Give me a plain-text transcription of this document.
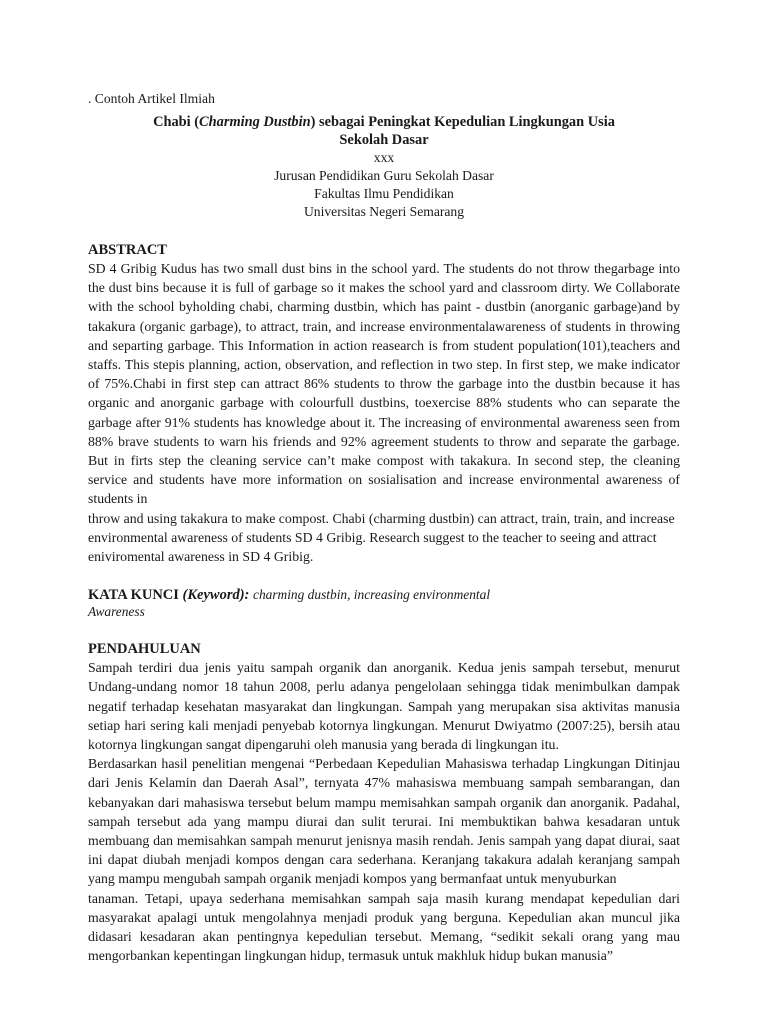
. Contoh Artikel Ilmiah
Chabi (Charming Dustbin) sebagai Peningkat Kepedulian Lingkungan Usia
Sekolah Dasar
xxx
Jurusan Pendidikan Guru Sekolah Dasar
Fakultas Ilmu Pendidikan
Universitas Negeri Semarang
ABSTRACT

SD 4 Gribig Kudus has two small dust bins in the school yard. The students do not throw thegarbage into the dust bins because it is full of garbage so it makes the school yard and classroom dirty. We Collaborate with the school byholding chabi, charming dustbin, which has paint - dustbin (anorganic garbage)and by takakura (organic garbage), to attract, train, and increase environmentalawareness of students in throwing and separting garbage. This Information in action reasearch is from student population(101),teachers and staffs. This stepis planning, action, observation, and reflection in two step. In first step, we make indicator of 75%.Chabi in first step can attract 86% students to throw the garbage into the dustbin because it has organic and anorganic garbage with colourfull dustbins, toexercise 88% students who can separate the garbage after 91% students has knowledge about it. The increasing of environmental awareness seen from 88% brave students to warn his friends and 92% agreement students to throw and separate the garbage. But in firts step the cleaning service can’t make compost with takakura. In second step, the cleaning service and students have more information on sosialisation and increase environmental awareness of students in

throw and using takakura to make compost. Chabi (charming dustbin) can attract, train, train, and increase environmental awareness of students SD 4 Gribig. Research suggest to the teacher to seeing and attract eniviromental awareness in SD 4 Gribig.

KATA KUNCI (Keyword): charming dustbin, increasing environmental
Awareness
PENDAHULUAN

Sampah terdiri dua jenis yaitu sampah organik dan anorganik. Kedua jenis sampah tersebut, menurut Undang-undang nomor 18 tahun 2008, perlu adanya pengelolaan sehingga tidak menimbulkan dampak negatif terhadap kesehatan masyarakat dan lingkungan. Sampah yang merupakan sisa aktivitas manusia setiap hari sering kali menjadi penyebab kotornya lingkungan. Menurut Dwiyatmo (2007:25), bersih atau kotornya lingkungan sangat dipengaruhi oleh manusia yang berada di lingkungan itu.

Berdasarkan hasil penelitian mengenai “Perbedaan Kepedulian Mahasiswa terhadap Lingkungan Ditinjau dari Jenis Kelamin dan Daerah Asal”, ternyata 47% mahasiswa membuang sampah sembarangan, dan kebanyakan dari mahasiswa tersebut belum mampu memisahkan sampah organik dan anorganik. Padahal, sampah tersebut ada yang mampu diurai dan sulit terurai. Ini membuktikan bahwa kesadaran untuk membuang dan memisahkan sampah menurut jenisnya masih rendah. Jenis sampah yang dapat diurai, saat ini dapat diubah menjadi kompos dengan cara sederhana. Keranjang takakura adalah keranjang sampah yang mampu mengubah sampah organik menjadi kompos yang bermanfaat untuk menyuburkan

tanaman. Tetapi, upaya sederhana memisahkan sampah saja masih kurang mendapat kepedulian dari masyarakat apalagi untuk mengolahnya menjadi produk yang berguna. Kepedulian akan muncul jika didasari kesadaran akan pentingnya kepedulian tersebut. Memang, “sedikit sekali orang yang mau mengorbankan kepentingan lingkungan hidup, termasuk untuk makhluk hidup bukan manusia”
